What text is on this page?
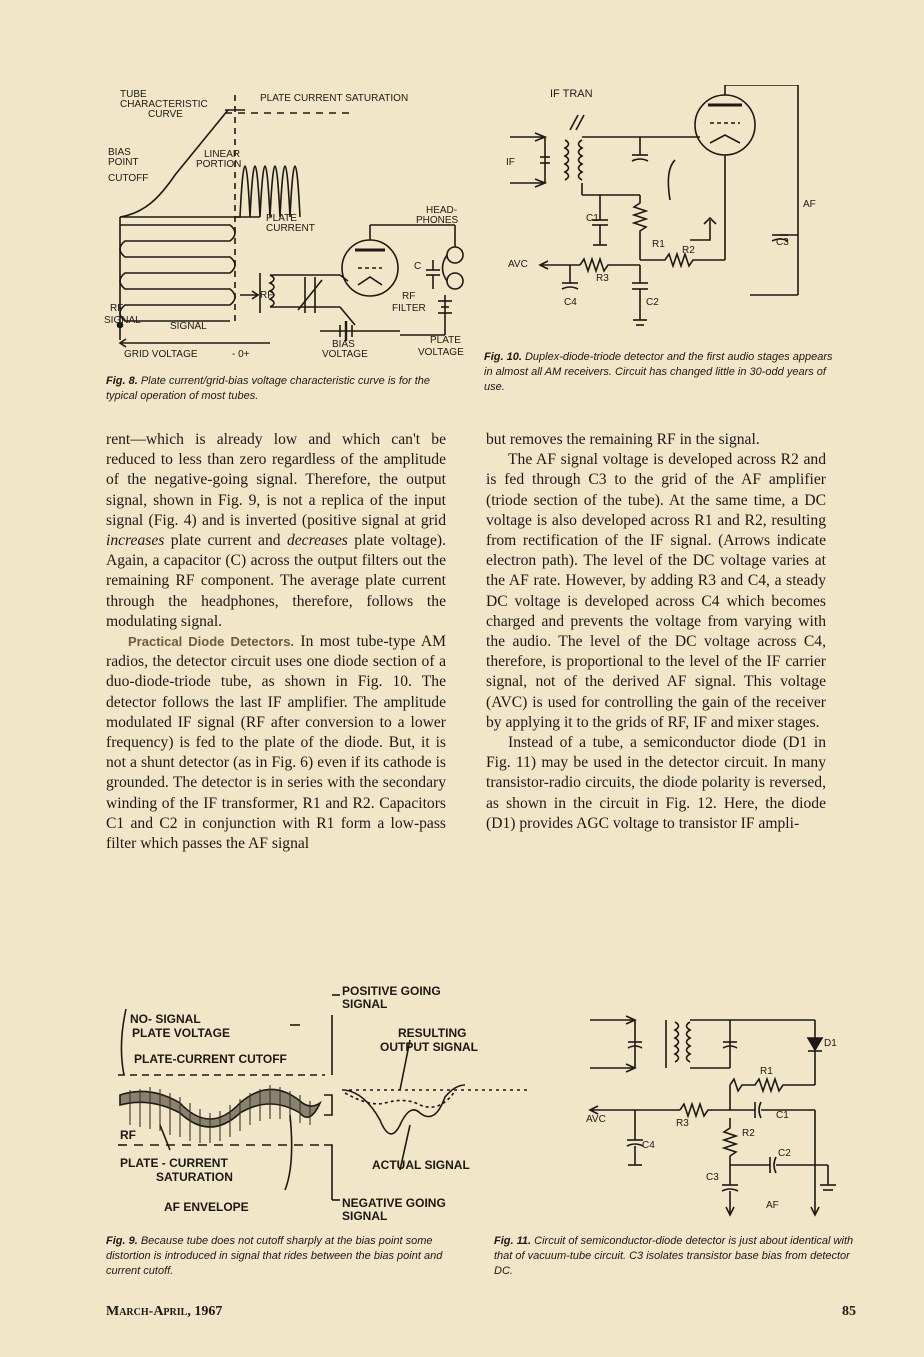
TUBE
CHARACTERISTIC
CURVE
PLATE CURRENT SATURATION
BIAS
POINT
CUTOFF
LINEAR
PORTION
PLATE
CURRENT
HEAD-
PHONES
C
RF	RF
FILTER
RF
SIGNAL
SIGNAL
BIAS	PLATE
GRID VOLTAGE	- 0+	VOLTAGE	VOLTAGE
Fig. 8. Plate current/grid-bias voltage characteristic curve is for the typical operation of most tubes.
IF TRAN
IF
AF
C1
R1
R2
C3
AVC
R3
C4	C2
Fig. 10. Duplex-diode-triode detector and the first audio stages appears in almost all AM receivers. Circuit has changed little in 30-odd years of use.

rent—which is already low and which can't be reduced to less than zero regardless of the amplitude of the negative-going signal. Therefore, the output signal, shown in Fig. 9, is not a replica of the input signal (Fig. 4) and is inverted (positive signal at grid increases plate current and decreases plate voltage). Again, a capacitor (C) across the output filters out the remaining RF component. The average plate current through the headphones, therefore, follows the modulating signal.

Practical Diode Detectors. In most tube-type AM radios, the detector circuit uses one diode section of a duo-diode-triode tube, as shown in Fig. 10. The detector follows the last IF amplifier. The amplitude modulated IF signal (RF after conversion to a lower frequency) is fed to the plate of the diode. But, it is not a shunt detector (as in Fig. 6) even if its cathode is grounded. The detector is in series with the secondary winding of the IF transformer, R1 and R2. Capacitors C1 and C2 in conjunction with R1 form a low-pass filter which passes the AF signal

but removes the remaining RF in the signal.

The AF signal voltage is developed across R2 and is fed through C3 to the grid of the AF amplifier (triode section of the tube). At the same time, a DC voltage is also developed across R1 and R2, resulting from rectification of the IF signal. (Arrows indicate electron path). The level of the DC voltage varies at the AF rate. However, by adding R3 and C4, a steady DC voltage is developed across C4 which becomes charged and prevents the voltage from varying with the audio. The level of the DC voltage across C4, therefore, is proportional to the level of the IF carrier signal, not of the derived AF signal. This voltage (AVC) is used for controlling the gain of the receiver by applying it to the grids of RF, IF and mixer stages.

Instead of a tube, a semiconductor diode (D1 in Fig. 11) may be used in the detector circuit. In many transistor-radio circuits, the diode polarity is reversed, as shown in the circuit in Fig. 12. Here, the diode (D1) provides AGC voltage to transistor IF ampli-

POSITIVE GOING
SIGNAL
NO- SIGNAL
PLATE VOLTAGE	RESULTING
OUTPUT SIGNAL
PLATE-CURRENT CUTOFF
RF
PLATE - CURRENT
SATURATION
ACTUAL SIGNAL
AF ENVELOPE	NEGATIVE GOING
SIGNAL
Fig. 9. Because tube does not cutoff sharply at the bias point some distortion is introduced in signal that rides between the bias point and current cutoff.
D1
R1
AVC	R3
C1
R2
C4
C2
C3
AF
Fig. 11. Circuit of semiconductor-diode detector is just about identical with that of vacuum-tube circuit. C3 isolates transistor base bias from detector DC.
March-April, 1967	85
